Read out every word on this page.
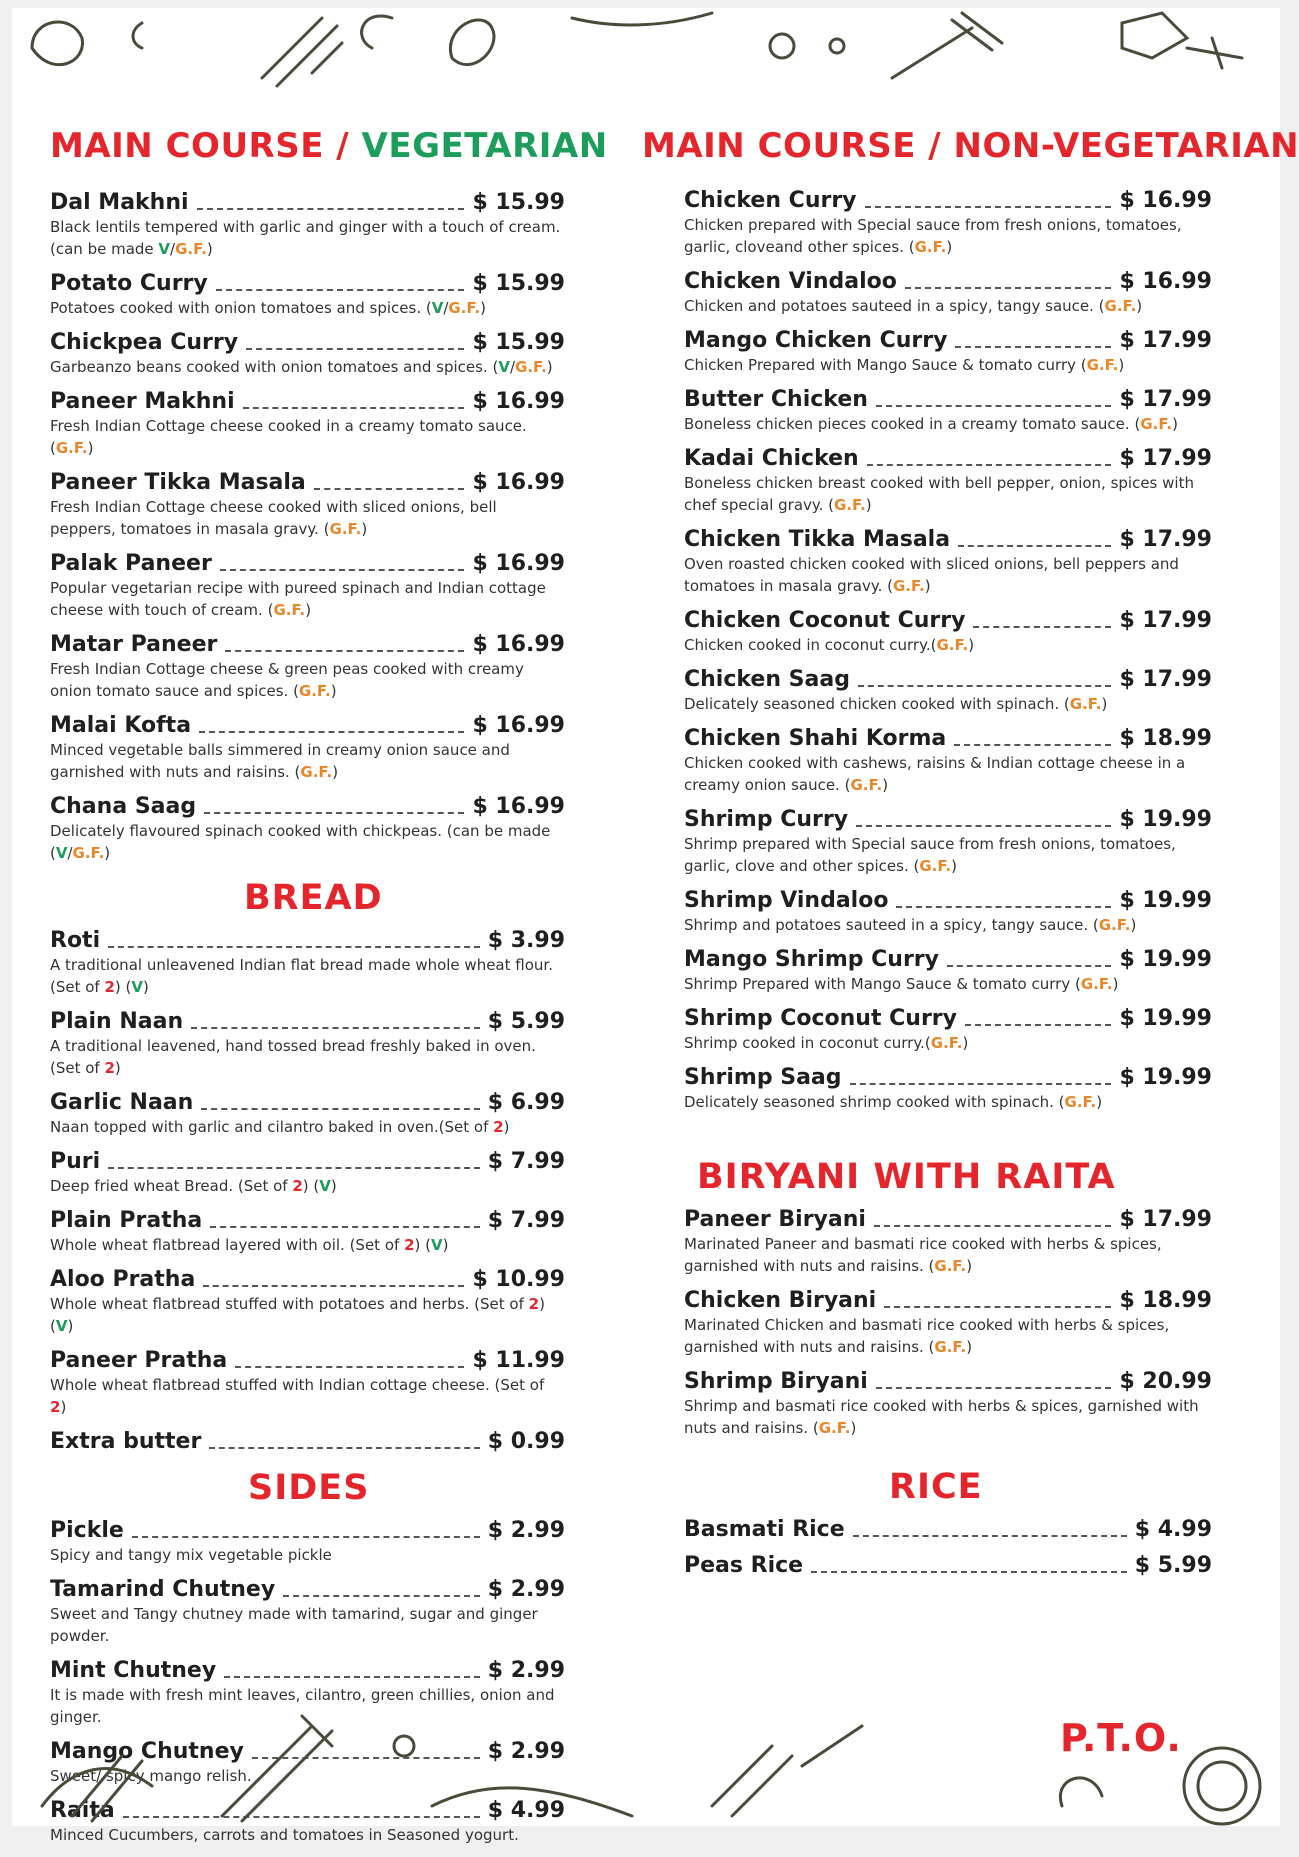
MAIN COURSE / VEGETARIAN
Dal Makhni	$ 15.99
Black lentils tempered with garlic and ginger with a touch of cream. (can be made V/G.F.)
Potato Curry	$ 15.99
Potatoes cooked with onion tomatoes and spices. (V/G.F.)
Chickpea Curry	$ 15.99
Garbeanzo beans cooked with onion tomatoes and spices. (V/G.F.)
Paneer Makhni	$ 16.99
Fresh Indian Cottage cheese cooked in a creamy tomato sauce. (G.F.)
Paneer Tikka Masala	$ 16.99
Fresh Indian Cottage cheese cooked with sliced onions, bell peppers, tomatoes in masala gravy. (G.F.)
Palak Paneer	$ 16.99
Popular vegetarian recipe with pureed spinach and Indian cottage cheese with touch of cream. (G.F.)
Matar Paneer	$ 16.99
Fresh Indian Cottage cheese & green peas cooked with creamy onion tomato sauce and spices. (G.F.)
Malai Kofta	$ 16.99
Minced vegetable balls simmered in creamy onion sauce and garnished with nuts and raisins. (G.F.)
Chana Saag	$ 16.99
Delicately flavoured spinach cooked with chickpeas. (can be made (V/G.F.)
BREAD
Roti	$ 3.99
A traditional unleavened Indian flat bread made whole wheat flour. (Set of 2) (V)
Plain Naan	$ 5.99
A traditional leavened, hand tossed bread freshly baked in oven.(Set of 2)
Garlic Naan	$ 6.99
Naan topped with garlic and cilantro baked in oven.(Set of 2)
Puri	$ 7.99
Deep fried wheat Bread. (Set of 2) (V)
Plain Pratha	$ 7.99
Whole wheat flatbread layered with oil. (Set of 2) (V)
Aloo Pratha	$ 10.99
Whole wheat flatbread stuffed with potatoes and herbs. (Set of 2) (V)
Paneer Pratha	$ 11.99
Whole wheat flatbread stuffed with Indian cottage cheese. (Set of 2)
Extra butter	$ 0.99
SIDES
Pickle	$ 2.99
Spicy and tangy mix vegetable pickle
Tamarind Chutney	$ 2.99
Sweet and Tangy chutney made with tamarind, sugar and ginger powder.
Mint Chutney	$ 2.99
It is made with fresh mint leaves, cilantro, green chillies, onion and ginger.
Mango Chutney	$ 2.99
Sweet/ spicy mango relish.
Raita	$ 4.99
Minced Cucumbers, carrots and tomatoes in Seasoned yogurt.
MAIN COURSE / NON-VEGETARIAN
Chicken Curry	$ 16.99
Chicken prepared with Special sauce from fresh onions, tomatoes, garlic, cloveand other spices. (G.F.)
Chicken Vindaloo	$ 16.99
Chicken and potatoes sauteed in a spicy, tangy sauce. (G.F.)
Mango Chicken Curry	$ 17.99
Chicken Prepared with Mango Sauce & tomato curry (G.F.)
Butter Chicken	$ 17.99
Boneless chicken pieces cooked in a creamy tomato sauce. (G.F.)
Kadai Chicken	$ 17.99
Boneless chicken breast cooked with bell pepper, onion, spices with chef special gravy. (G.F.)
Chicken Tikka Masala	$ 17.99
Oven roasted chicken cooked with sliced onions, bell peppers and tomatoes in masala gravy. (G.F.)
Chicken Coconut Curry	$ 17.99
Chicken cooked in coconut curry.(G.F.)
Chicken Saag	$ 17.99
Delicately seasoned chicken cooked with spinach. (G.F.)
Chicken Shahi Korma	$ 18.99
Chicken cooked with cashews, raisins & Indian cottage cheese in a creamy onion sauce. (G.F.)
Shrimp Curry	$ 19.99
Shrimp prepared with Special sauce from fresh onions, tomatoes, garlic, clove and other spices. (G.F.)
Shrimp Vindaloo	$ 19.99
Shrimp and potatoes sauteed in a spicy, tangy sauce. (G.F.)
Mango Shrimp Curry	$ 19.99
Shrimp Prepared with Mango Sauce & tomato curry (G.F.)
Shrimp Coconut Curry	$ 19.99
Shrimp cooked in coconut curry.(G.F.)
Shrimp Saag	$ 19.99
Delicately seasoned shrimp cooked with spinach. (G.F.)
BIRYANI WITH RAITA
Paneer Biryani	$ 17.99
Marinated Paneer and basmati rice cooked with herbs & spices, garnished with nuts and raisins. (G.F.)
Chicken Biryani	$ 18.99
Marinated Chicken and basmati rice cooked with herbs & spices, garnished with nuts and raisins. (G.F.)
Shrimp Biryani	$ 20.99
Shrimp and basmati rice cooked with herbs & spices, garnished with nuts and raisins. (G.F.)
RICE
Basmati Rice	$ 4.99
Peas Rice	$ 5.99
P.T.O.
